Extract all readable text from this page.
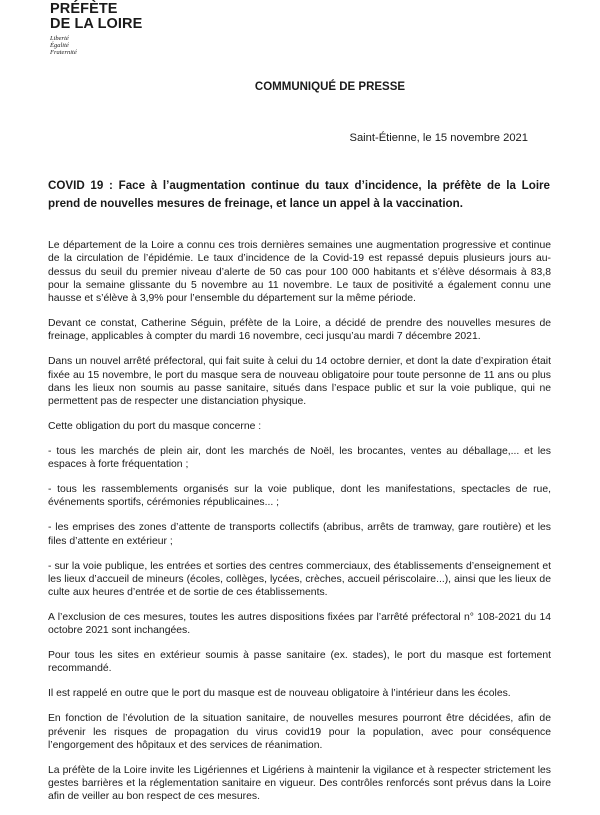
PRÉFÈTE
DE LA LOIRE
Liberté
Égalité
Fraternité
COMMUNIQUÉ DE PRESSE
Saint-Étienne, le 15 novembre 2021
COVID 19 : Face à l’augmentation continue du taux d’incidence, la préfète de la Loire prend de nouvelles mesures de freinage, et lance un appel à la vaccination.

Le département de la Loire a connu ces trois dernières semaines une augmentation progressive et continue de la circulation de l’épidémie. Le taux d’incidence de la Covid-19 est repassé depuis plusieurs jours au-dessus du seuil du premier niveau d’alerte de 50 cas pour 100 000 habitants et s’élève désormais à 83,8 pour la semaine glissante du 5 novembre au 11 novembre. Le taux de positivité a également connu une hausse et s’élève à 3,9% pour l’ensemble du département sur la même période.

Devant ce constat, Catherine Séguin, préfète de la Loire, a décidé de prendre des nouvelles mesures de freinage, applicables à compter du mardi 16 novembre, ceci jusqu’au mardi 7 décembre 2021.

Dans un nouvel arrêté préfectoral, qui fait suite à celui du 14 octobre dernier, et dont la date d’expiration était fixée au 15 novembre, le port du masque sera de nouveau obligatoire pour toute personne de 11 ans ou plus dans les lieux non soumis au passe sanitaire, situés dans l’espace public et sur la voie publique, qui ne permettent pas de respecter une distanciation physique.

Cette obligation du port du masque concerne :

- tous les marchés de plein air, dont les marchés de Noël, les brocantes, ventes au déballage,... et les espaces à forte fréquentation ;

- tous les rassemblements organisés sur la voie publique, dont les manifestations, spectacles de rue, événements sportifs, cérémonies républicaines... ;

- les emprises des zones d’attente de transports collectifs (abribus, arrêts de tramway, gare routière) et les files d’attente en extérieur ;

- sur la voie publique, les entrées et sorties des centres commerciaux, des établissements d’enseignement et les lieux d’accueil de mineurs (écoles, collèges, lycées, crèches, accueil périscolaire...), ainsi que les lieux de culte aux heures d’entrée et de sortie de ces établissements.

A l’exclusion de ces mesures, toutes les autres dispositions fixées par l’arrêté préfectoral n° 108-2021 du 14 octobre 2021 sont inchangées.

Pour tous les sites en extérieur soumis à passe sanitaire (ex. stades), le port du masque est fortement recommandé.

Il est rappelé en outre que le port du masque est de nouveau obligatoire à l’intérieur dans les écoles.

En fonction de l’évolution de la situation sanitaire, de nouvelles mesures pourront être décidées, afin de prévenir les risques de propagation du virus covid19 pour la population, avec pour conséquence l’engorgement des hôpitaux et des services de réanimation.

La préfète de la Loire invite les Ligériennes et Ligériens à maintenir la vigilance et à respecter strictement les gestes barrières et la réglementation sanitaire en vigueur. Des contrôles renforcés sont prévus dans la Loire afin de veiller au bon respect de ces mesures.
